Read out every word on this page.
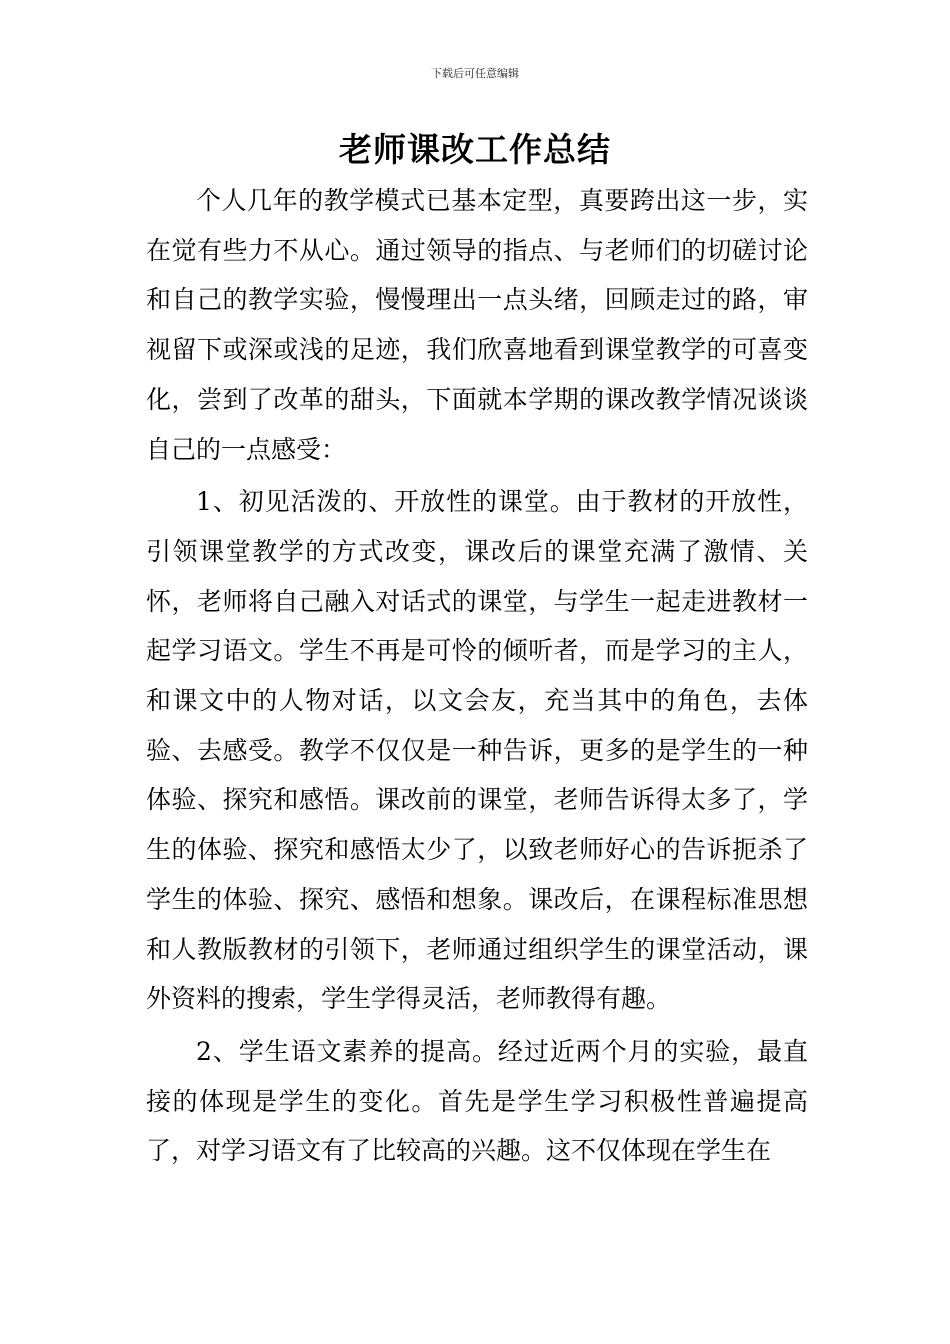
下载后可任意编辑
老师课改工作总结

个人几年的教学模式已基本定型，真要跨出这一步，实在觉有些力不从心。通过领导的指点、与老师们的切磋讨论和自己的教学实验，慢慢理出一点头绪，回顾走过的路，审视留下或深或浅的足迹，我们欣喜地看到课堂教学的可喜变化，尝到了改革的甜头，下面就本学期的课改教学情况谈谈自己的一点感受：

1、初见活泼的、开放性的课堂。由于教材的开放性，引领课堂教学的方式改变，课改后的课堂充满了激情、关怀，老师将自己融入对话式的课堂，与学生一起走进教材一起学习语文。学生不再是可怜的倾听者，而是学习的主人，和课文中的人物对话，以文会友，充当其中的角色，去体验、去感受。教学不仅仅是一种告诉，更多的是学生的一种体验、探究和感悟。课改前的课堂，老师告诉得太多了，学生的体验、探究和感悟太少了，以致老师好心的告诉扼杀了学生的体验、探究、感悟和想象。课改后，在课程标准思想和人教版教材的引领下，老师通过组织学生的课堂活动，课外资料的搜索，学生学得灵活，老师教得有趣。

2、学生语文素养的提高。经过近两个月的实验，最直接的体现是学生的变化。首先是学生学习积极性普遍提高了，对学习语文有了比较高的兴趣。这不仅体现在学生在
